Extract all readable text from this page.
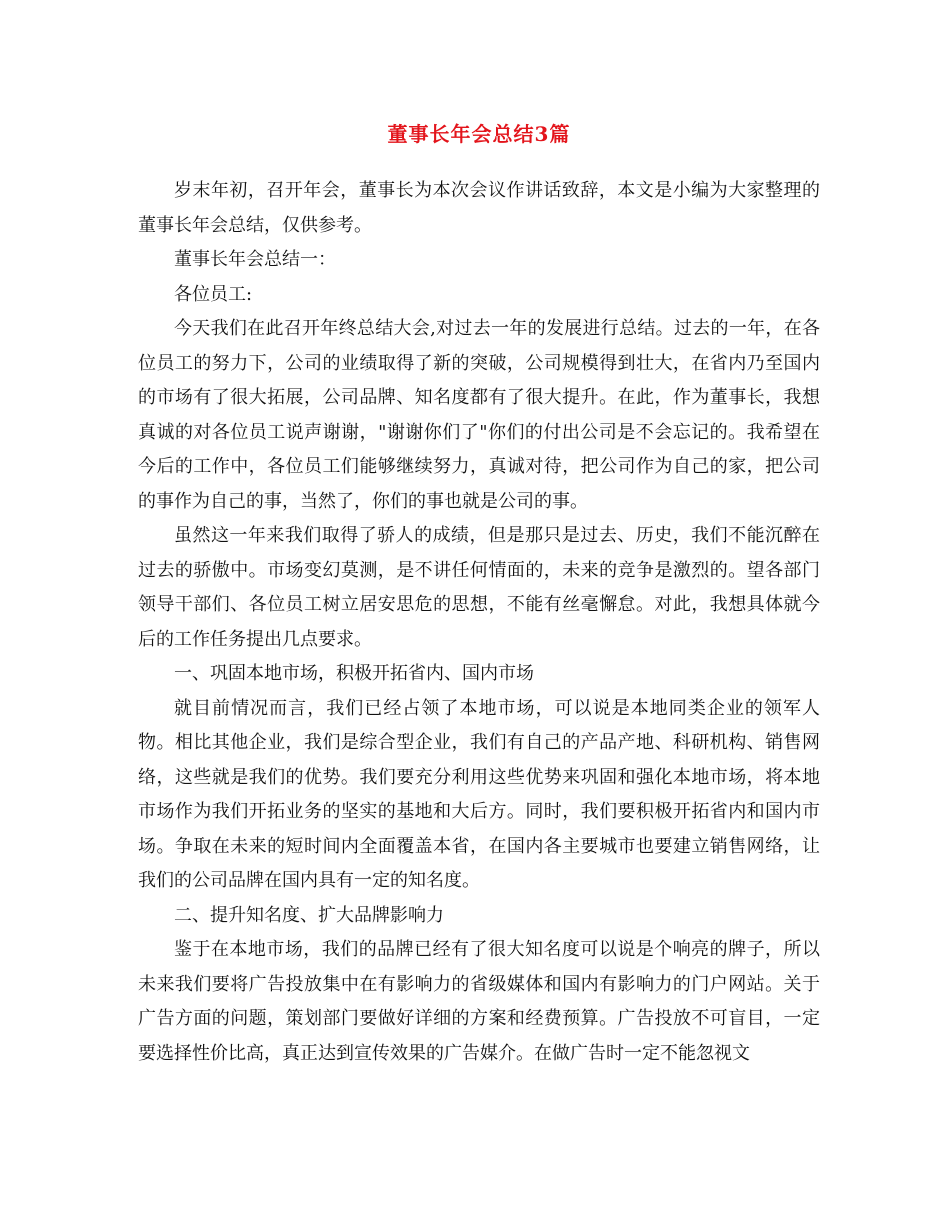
董事长年会总结3篇

岁末年初，召开年会，董事长为本次会议作讲话致辞，本文是小编为大家整理的董事长年会总结，仅供参考。

董事长年会总结一：

各位员工:

今天我们在此召开年终总结大会,对过去一年的发展进行总结。过去的一年，在各位员工的努力下，公司的业绩取得了新的突破，公司规模得到壮大，在省内乃至国内的市场有了很大拓展，公司品牌、知名度都有了很大提升。在此，作为董事长，我想真诚的对各位员工说声谢谢，"谢谢你们了"你们的付出公司是不会忘记的。我希望在今后的工作中，各位员工们能够继续努力，真诚对待，把公司作为自己的家，把公司的事作为自己的事，当然了，你们的事也就是公司的事。

虽然这一年来我们取得了骄人的成绩，但是那只是过去、历史，我们不能沉醉在过去的骄傲中。市场变幻莫测，是不讲任何情面的，未来的竞争是激烈的。望各部门领导干部们、各位员工树立居安思危的思想，不能有丝毫懈怠。对此，我想具体就今后的工作任务提出几点要求。

一、巩固本地市场，积极开拓省内、国内市场

就目前情况而言，我们已经占领了本地市场，可以说是本地同类企业的领军人物。相比其他企业，我们是综合型企业，我们有自己的产品产地、科研机构、销售网络，这些就是我们的优势。我们要充分利用这些优势来巩固和强化本地市场，将本地市场作为我们开拓业务的坚实的基地和大后方。同时，我们要积极开拓省内和国内市场。争取在未来的短时间内全面覆盖本省，在国内各主要城市也要建立销售网络，让我们的公司品牌在国内具有一定的知名度。

二、提升知名度、扩大品牌影响力

鉴于在本地市场，我们的品牌已经有了很大知名度可以说是个响亮的牌子，所以未来我们要将广告投放集中在有影响力的省级媒体和国内有影响力的门户网站。关于广告方面的问题，策划部门要做好详细的方案和经费预算。广告投放不可盲目，一定要选择性价比高，真正达到宣传效果的广告媒介。在做广告时一定不能忽视文
